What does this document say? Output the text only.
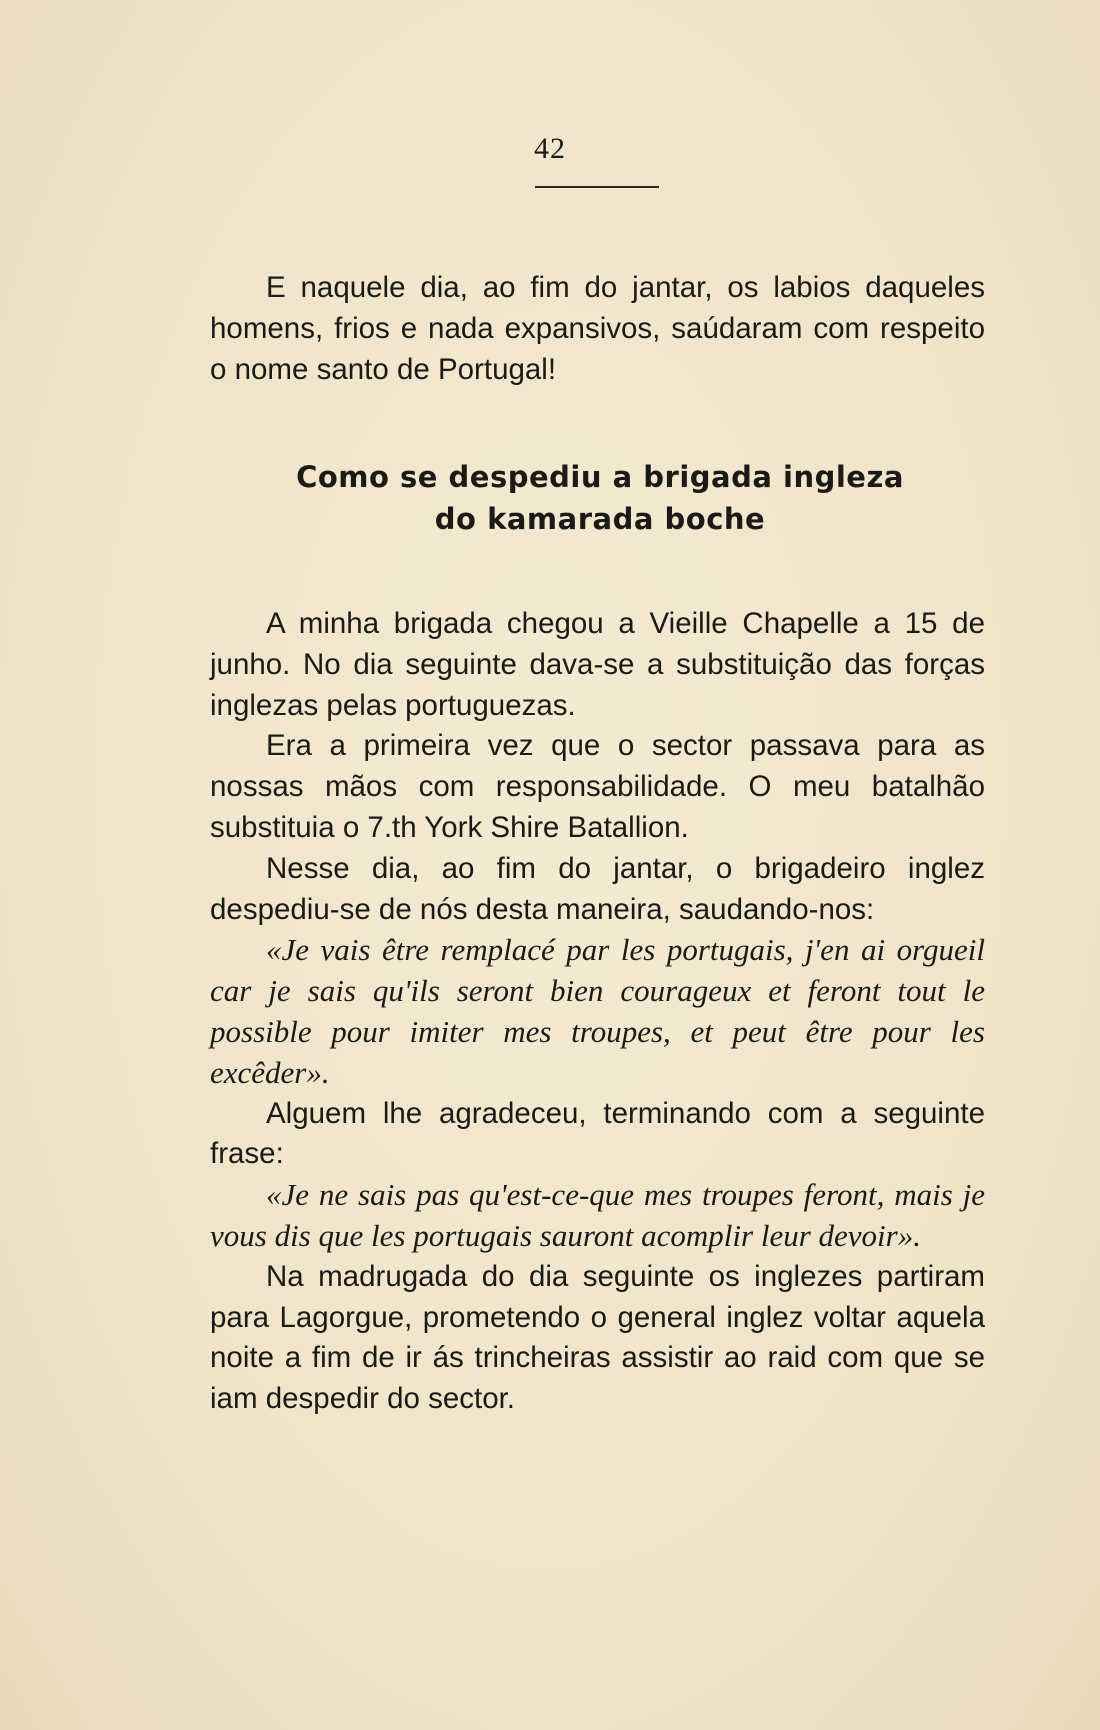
42

E naquele dia, ao fim do jantar, os labios daqueles homens, frios e nada expansivos, saúdaram com respeito o nome santo de Portugal!

Como se despediu a brigada ingleza
do kamarada boche

A minha brigada chegou a Vieille Chapelle a 15 de junho. No dia seguinte dava-se a substituição das forças inglezas pelas portuguezas.

Era a primeira vez que o sector passava para as nossas mãos com responsabilidade. O meu batalhão substituia o 7.th York Shire Batallion.

Nesse dia, ao fim do jantar, o brigadeiro inglez despediu-se de nós desta maneira, saudando-nos:

«Je vais être remplacé par les portugais, j'en ai orgueil car je sais qu'ils seront bien courageux et feront tout le possible pour imiter mes troupes, et peut être pour les excêder».

Alguem lhe agradeceu, terminando com a seguinte frase:

«Je ne sais pas qu'est-ce-que mes troupes feront, mais je vous dis que les portugais sauront acomplir leur devoir».

Na madrugada do dia seguinte os inglezes partiram para Lagorgue, prometendo o general inglez voltar aquela noite a fim de ir ás trincheiras assistir ao raid com que se iam despedir do sector.
